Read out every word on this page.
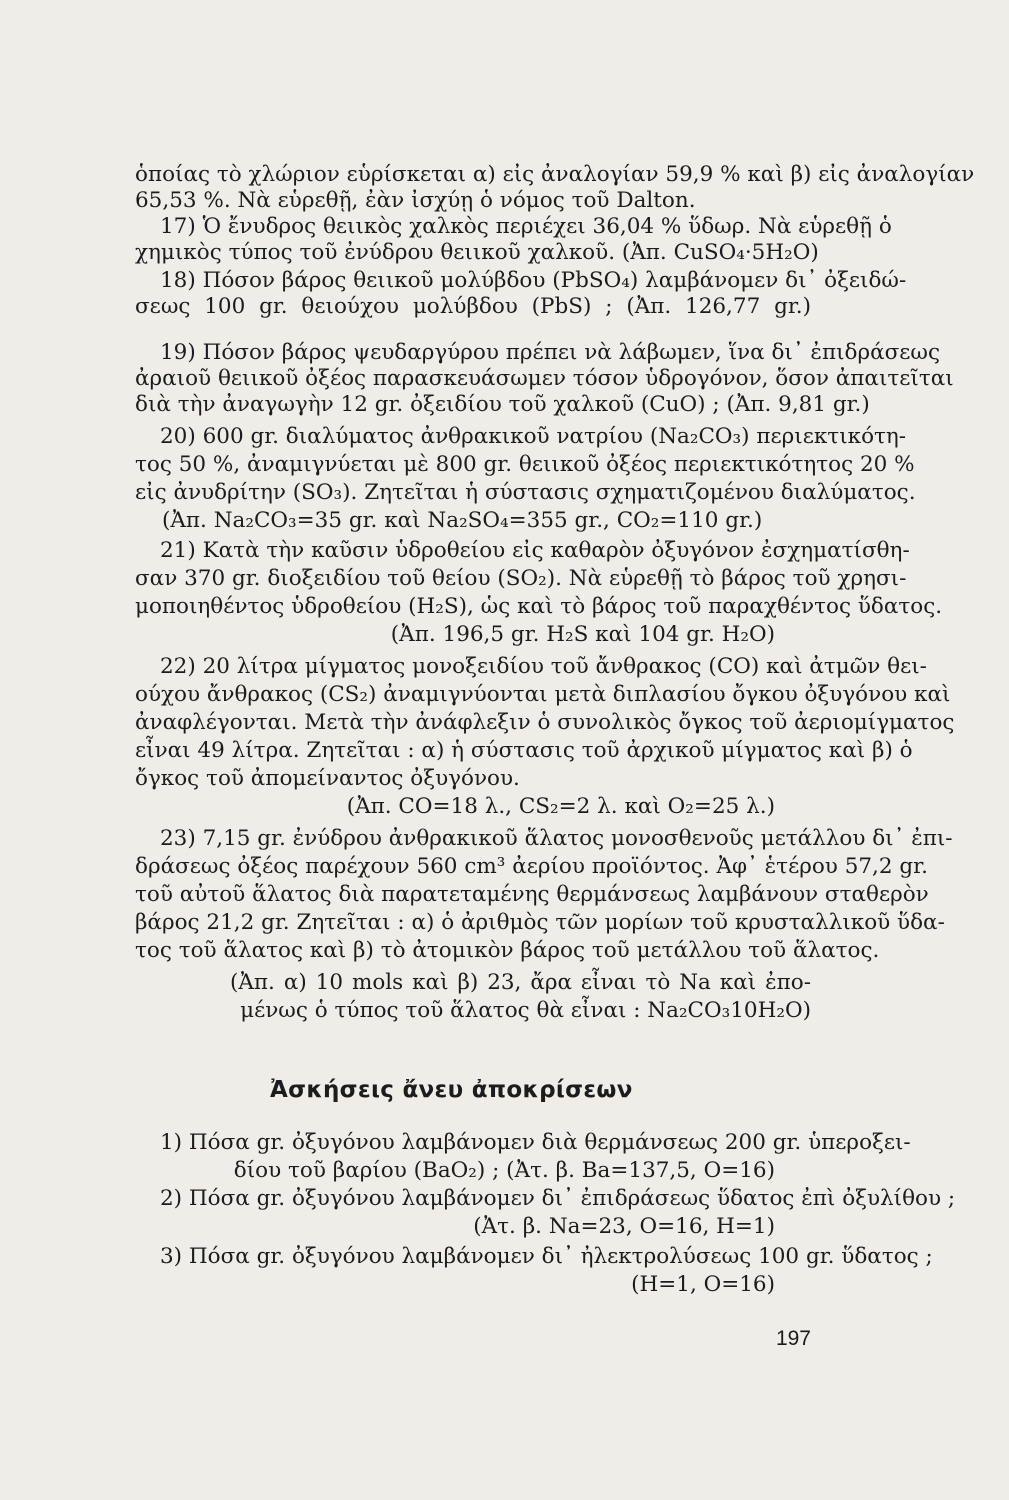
ὁποίας τὸ χλώριον εὑρίσκεται α) εἰς ἀναλογίαν 59,9 % καὶ β) εἰς ἀναλογίαν
65,53 %. Νὰ εὑρεθῇ, ἐὰν ἰσχύῃ ὁ νόμος τοῦ Dalton.
17) Ὁ ἔνυδρος θειικὸς χαλκὸς περιέχει 36,04 % ὕδωρ. Νὰ εὑρεθῇ ὁ
χημικὸς τύπος τοῦ ἐνύδρου θειικοῦ χαλκοῦ. (Ἀπ. CuSO₄·5H₂O)
18) Πόσον βάρος θειικοῦ μολύβδου (PbSO₄) λαμβάνομεν δι᾽ ὀξειδώ-
σεως 100 gr. θειούχου μολύβδου (PbS) ; (Ἀπ. 126,77 gr.)
19) Πόσον βάρος ψευδαργύρου πρέπει νὰ λάβωμεν, ἵνα δι᾽ ἐπιδράσεως
ἀραιοῦ θειικοῦ ὀξέος παρασκευάσωμεν τόσον ὑδρογόνον, ὅσον ἀπαιτεῖται
διὰ τὴν ἀναγωγὴν 12 gr. ὀξειδίου τοῦ χαλκοῦ (CuO) ; (Ἀπ. 9,81 gr.)
20) 600 gr. διαλύματος ἀνθρακικοῦ νατρίου (Na₂CO₃) περιεκτικότη-
τος 50 %, ἀναμιγνύεται μὲ 800 gr. θειικοῦ ὀξέος περιεκτικότητος 20 %
εἰς ἀνυδρίτην (SO₃). Ζητεῖται ἡ σύστασις σχηματιζομένου διαλύματος.
(Ἀπ. Na₂CO₃=35 gr. καὶ Na₂SO₄=355 gr., CO₂=110 gr.)
21) Κατὰ τὴν καῦσιν ὑδροθείου εἰς καθαρὸν ὀξυγόνον ἐσχηματίσθη-
σαν 370 gr. διοξειδίου τοῦ θείου (SO₂). Νὰ εὑρεθῇ τὸ βάρος τοῦ χρησι-
μοποιηθέντος ὑδροθείου (H₂S), ὡς καὶ τὸ βάρος τοῦ παραχθέντος ὕδατος.
(Ἀπ. 196,5 gr. H₂S καὶ 104 gr. H₂O)
22) 20 λίτρα μίγματος μονοξειδίου τοῦ ἄνθρακος (CO) καὶ ἀτμῶν θει-
ούχου ἄνθρακος (CS₂) ἀναμιγνύονται μετὰ διπλασίου ὄγκου ὀξυγόνου καὶ
ἀναφλέγονται. Μετὰ τὴν ἀνάφλεξιν ὁ συνολικὸς ὄγκος τοῦ ἀεριομίγματος
εἶναι 49 λίτρα. Ζητεῖται : α) ἡ σύστασις τοῦ ἀρχικοῦ μίγματος καὶ β) ὁ
ὄγκος τοῦ ἀπομείναντος ὀξυγόνου.
(Ἀπ. CO=18 λ., CS₂=2 λ. καὶ O₂=25 λ.)
23) 7,15 gr. ἐνύδρου ἀνθρακικοῦ ἅλατος μονοσθενοῦς μετάλλου δι᾽ ἐπι-
δράσεως ὀξέος παρέχουν 560 cm³ ἀερίου προϊόντος. Ἀφ᾽ ἑτέρου 57,2 gr.
τοῦ αὐτοῦ ἅλατος διὰ παρατεταμένης θερμάνσεως λαμβάνουν σταθερὸν
βάρος 21,2 gr. Ζητεῖται : α) ὁ ἀριθμὸς τῶν μορίων τοῦ κρυσταλλικοῦ ὕδα-
τος τοῦ ἅλατος καὶ β) τὸ ἀτομικὸν βάρος τοῦ μετάλλου τοῦ ἅλατος.
(Ἀπ. α) 10 mols καὶ β) 23, ἄρα εἶναι τὸ Na καὶ ἐπο-
μένως ὁ τύπος τοῦ ἅλατος θὰ εἶναι : Na₂CO₃10H₂O)
Ἀσκήσεις ἄνευ ἀποκρίσεων
1) Πόσα gr. ὀξυγόνου λαμβάνομεν διὰ θερμάνσεως 200 gr. ὑπεροξει-
δίου τοῦ βαρίου (BaO₂) ; (Ἀτ. β. Ba=137,5, O=16)
2) Πόσα gr. ὀξυγόνου λαμβάνομεν δι᾽ ἐπιδράσεως ὕδατος ἐπὶ ὀξυλίθου ;
(Ἀτ. β. Na=23, O=16, H=1)
3) Πόσα gr. ὀξυγόνου λαμβάνομεν δι᾽ ἠλεκτρολύσεως 100 gr. ὕδατος ;
(H=1, O=16)
197
